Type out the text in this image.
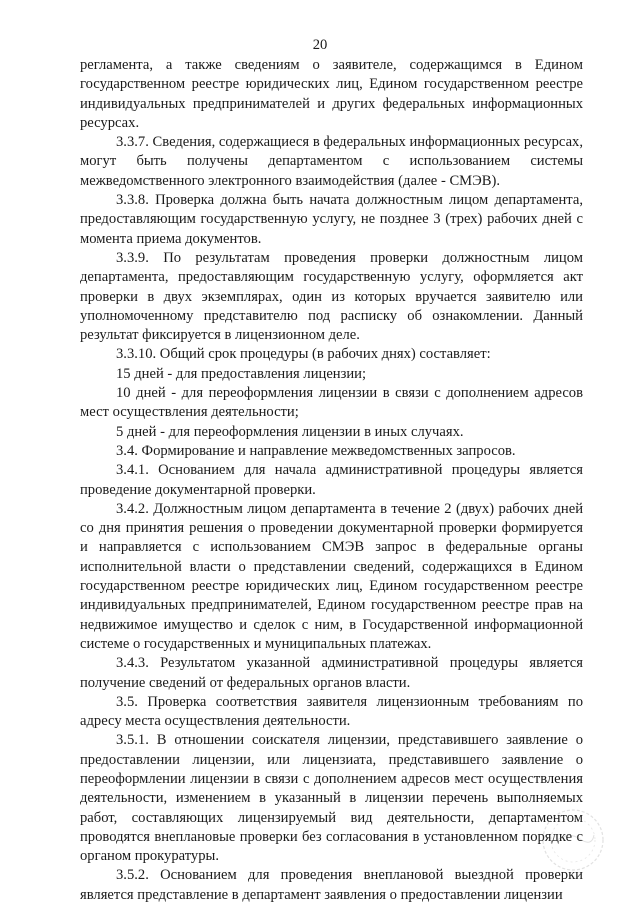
20

регламента, а также сведениям о заявителе, содержащимся в Едином государственном реестре юридических лиц, Едином государственном реестре индивидуальных предпринимателей и других федеральных информационных ресурсах.

3.3.7. Сведения, содержащиеся в федеральных информационных ресурсах, могут быть получены департаментом с использованием системы межведомственного электронного взаимодействия (далее - СМЭВ).

3.3.8. Проверка должна быть начата должностным лицом департамента, предоставляющим государственную услугу, не позднее 3 (трех) рабочих дней с момента приема документов.

3.3.9. По результатам проведения проверки должностным лицом департамента, предоставляющим государственную услугу, оформляется акт проверки в двух экземплярах, один из которых вручается заявителю или уполномоченному представителю под расписку об ознакомлении. Данный результат фиксируется в лицензионном деле.

3.3.10. Общий срок процедуры (в рабочих днях) составляет:

15 дней - для предоставления лицензии;

10 дней - для переоформления лицензии в связи с дополнением адресов мест осуществления деятельности;

5 дней - для переоформления лицензии в иных случаях.

3.4. Формирование и направление межведомственных запросов.

3.4.1. Основанием для начала административной процедуры является проведение документарной проверки.

3.4.2. Должностным лицом департамента в течение 2 (двух) рабочих дней со дня принятия решения о проведении документарной проверки формируется и направляется с использованием СМЭВ запрос в федеральные органы исполнительной власти о представлении сведений, содержащихся в Едином государственном реестре юридических лиц, Едином государственном реестре индивидуальных предпринимателей, Едином государственном реестре прав на недвижимое имущество и сделок с ним, в Государственной информационной системе о государственных и муниципальных платежах.

3.4.3. Результатом указанной административной процедуры является получение сведений от федеральных органов власти.

3.5. Проверка соответствия заявителя лицензионным требованиям по адресу места осуществления деятельности.

3.5.1. В отношении соискателя лицензии, представившего заявление о предоставлении лицензии, или лицензиата, представившего заявление о переоформлении лицензии в связи с дополнением адресов мест осуществления деятельности, изменением в указанный в лицензии перечень выполняемых работ, составляющих лицензируемый вид деятельности, департаментом проводятся внеплановые проверки без согласования в установленном порядке с органом прокуратуры.

3.5.2. Основанием для проведения внеплановой выездной проверки является представление в департамент заявления о предоставлении лицензии
